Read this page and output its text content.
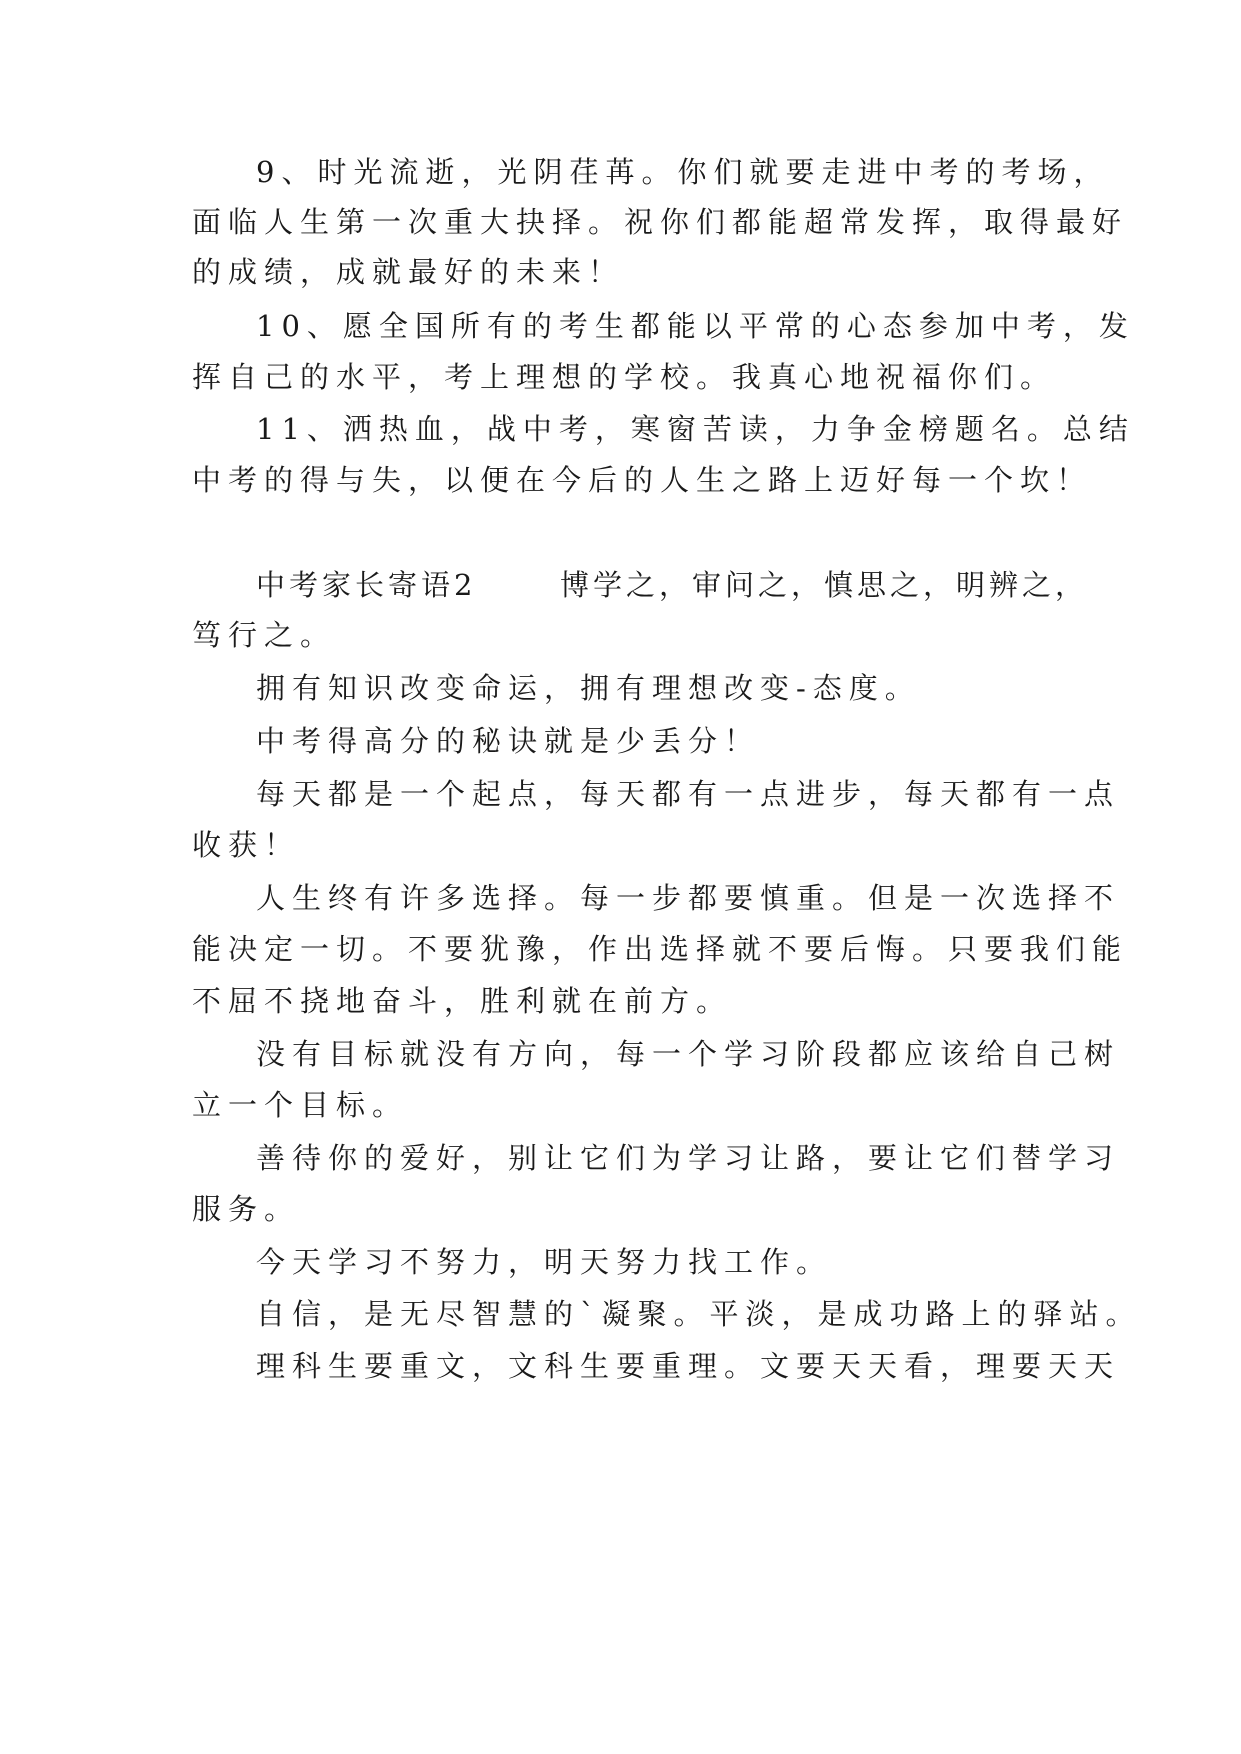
9、时光流逝，光阴荏苒。你们就要走进中考的考场，
面临人生第一次重大抉择。祝你们都能超常发挥，取得最好
的成绩，成就最好的未来！
10、愿全国所有的考生都能以平常的心态参加中考，发
挥自己的水平，考上理想的学校。我真心地祝福你们。
11、洒热血，战中考，寒窗苦读，力争金榜题名。总结
中考的得与失，以便在今后的人生之路上迈好每一个坎！
中考家长寄语2	博学之，审问之，慎思之，明辨之，
笃行之。
拥有知识改变命运，拥有理想改变-态度。
中考得高分的秘诀就是少丢分！
每天都是一个起点，每天都有一点进步，每天都有一点
收获！
人生终有许多选择。每一步都要慎重。但是一次选择不
能决定一切。不要犹豫，作出选择就不要后悔。只要我们能
不屈不挠地奋斗，胜利就在前方。
没有目标就没有方向，每一个学习阶段都应该给自己树
立一个目标。
善待你的爱好，别让它们为学习让路，要让它们替学习
服务。
今天学习不努力，明天努力找工作。
自信，是无尽智慧的`凝聚。平淡，是成功路上的驿站。
理科生要重文，文科生要重理。文要天天看，理要天天
